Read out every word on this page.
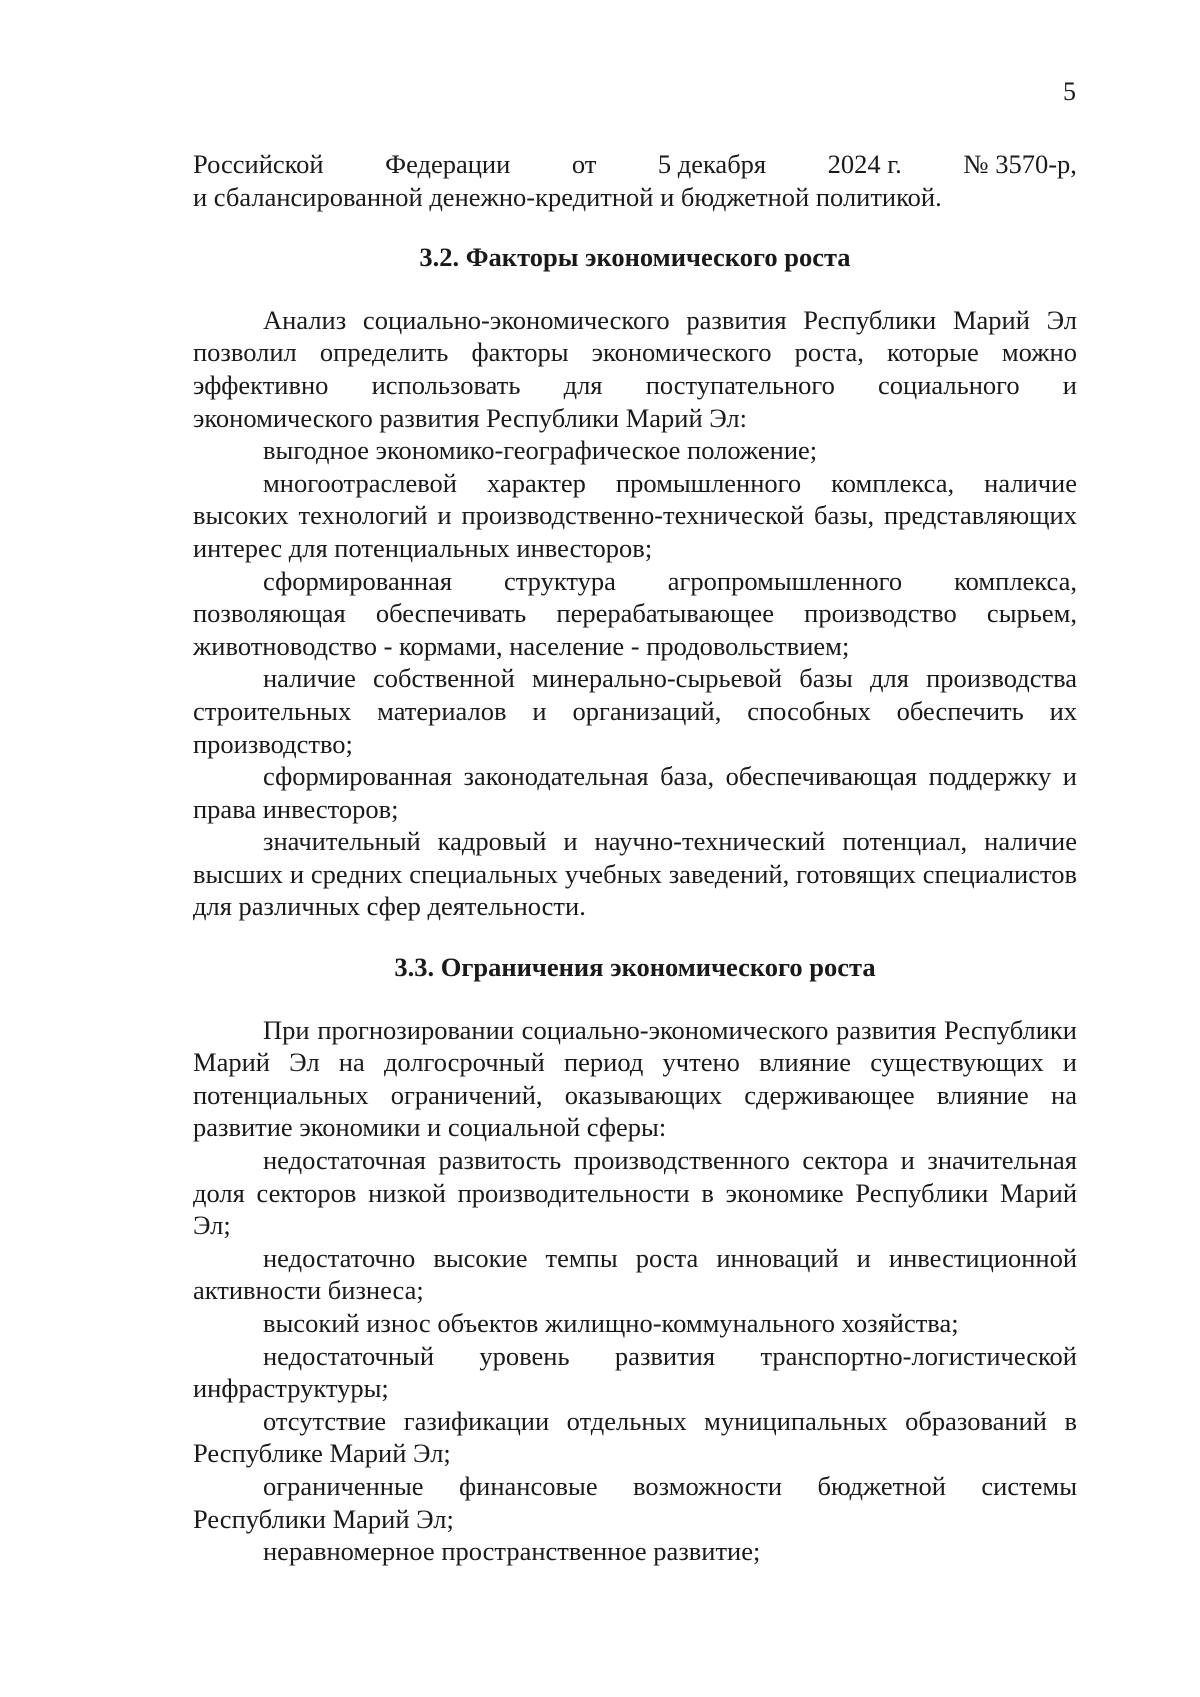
5
Российской Федерации от 5 декабря 2024 г. № 3570-р,

и сбалансированной денежно-кредитной и бюджетной политикой.

3.2. Факторы экономического роста

Анализ социально-экономического развития Республики Марий Эл позволил определить факторы экономического роста, которые можно эффективно использовать для поступательного социального и экономического развития Республики Марий Эл:

выгодное экономико-географическое положение;

многоотраслевой характер промышленного комплекса, наличие высоких технологий и производственно-технической базы, представляющих интерес для потенциальных инвесторов;

сформированная структура агропромышленного комплекса, позволяющая обеспечивать перерабатывающее производство сырьем, животноводство - кормами, население - продовольствием;

наличие собственной минерально-сырьевой базы для производства строительных материалов и организаций, способных обеспечить их производство;

сформированная законодательная база, обеспечивающая поддержку и права инвесторов;

значительный кадровый и научно-технический потенциал, наличие высших и средних специальных учебных заведений, готовящих специалистов для различных сфер деятельности.

3.3. Ограничения экономического роста

При прогнозировании социально-экономического развития Республики Марий Эл на долгосрочный период учтено влияние существующих и потенциальных ограничений, оказывающих сдерживающее влияние на развитие экономики и социальной сферы:

недостаточная развитость производственного сектора и значительная доля секторов низкой производительности в экономике Республики Марий Эл;

недостаточно высокие темпы роста инноваций и инвестиционной активности бизнеса;

высокий износ объектов жилищно-коммунального хозяйства;

недостаточный уровень развития транспортно-логистической инфраструктуры;

отсутствие газификации отдельных муниципальных образований в Республике Марий Эл;

ограниченные финансовые возможности бюджетной системы Республики Марий Эл;

неравномерное пространственное развитие;
